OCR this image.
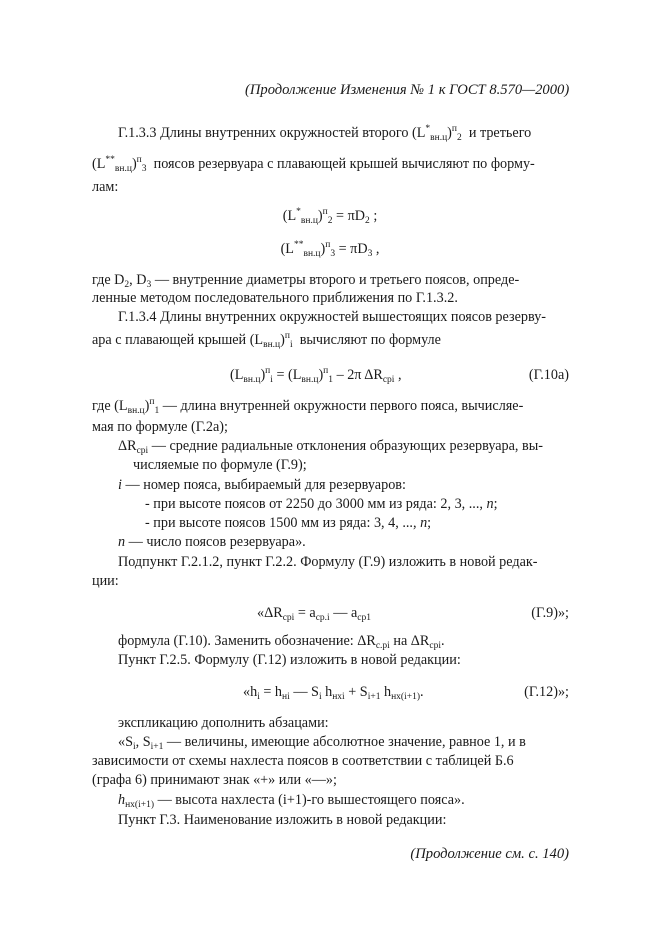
(Продолжение Изменения № 1 к ГОСТ 8.570—2000)
Г.1.3.3 Длины внутренних окружностей второго $(L^*_{вн.ц})^п_2$ и третьего
$(L^{**}_{вн.ц})^п_3$ поясов резервуара с плавающей крышей вычисляют по форму-
лам:
$(L^*_{вн.ц})^п_2 = \pi D_2$ ;
$(L^{**}_{вн.ц})^п_3 = \pi D_3$ ,
где $D_2$, $D_3$ — внутренние диаметры второго и третьего поясов, опреде-
ленные методом последовательного приближения по Г.1.3.2.
Г.1.3.4 Длины внутренних окружностей вышестоящих поясов резерву-
ара с плавающей крышей $(L_{вн.ц})^п_i$ вычисляют по формуле
$(L_{вн.ц})^п_i = (L_{вн.ц})^п_1 - 2\pi$ $\Delta R_{срi}$ ,	(Г.10а)
где $(L_{вн.ц})^п_1$ — длина внутренней окружности первого пояса, вычисляе-
мая по формуле (Г.2а);
$\Delta R_{срi}$ — средние радиальные отклонения образующих резервуара, вы-
числяемые по формуле (Г.9);
i — номер пояса, выбираемый для резервуаров:
- при высоте поясов от 2250 до 3000 мм из ряда: 2, 3, ..., n;
- при высоте поясов 1500 мм из ряда: 3, 4, ..., n;
n — число поясов резервуара».
Подпункт Г.2.1.2, пункт Г.2.2. Формулу (Г.9) изложить в новой редак-
ции:
«$\Delta R_{срi} = a_{ср.i}$ — $a_{ср1}$	(Г.9)»;
формула (Г.10). Заменить обозначение: $\Delta R_{c.pi}$ на $\Delta R_{cpi}$.
Пункт Г.2.5. Формулу (Г.12) изложить в новой редакции:
«$h_i = h_{нi}$ — $S_i$ $h_{нхi} + S_{i+1}$ $h_{нх(i+1)}$.	(Г.12)»;
экспликацию дополнить абзацами:
«$S_i$, $S_{i+1}$ — величины, имеющие абсолютное значение, равное 1, и в
зависимости от схемы нахлеста поясов в соответствии с таблицей Б.6
(графа 6) принимают знак «+» или «—»;
$h_{нх(i+1)}$ — высота нахлеста (i+1)-го вышестоящего пояса».
Пункт Г.3. Наименование изложить в новой редакции:
(Продолжение см. с. 140)
